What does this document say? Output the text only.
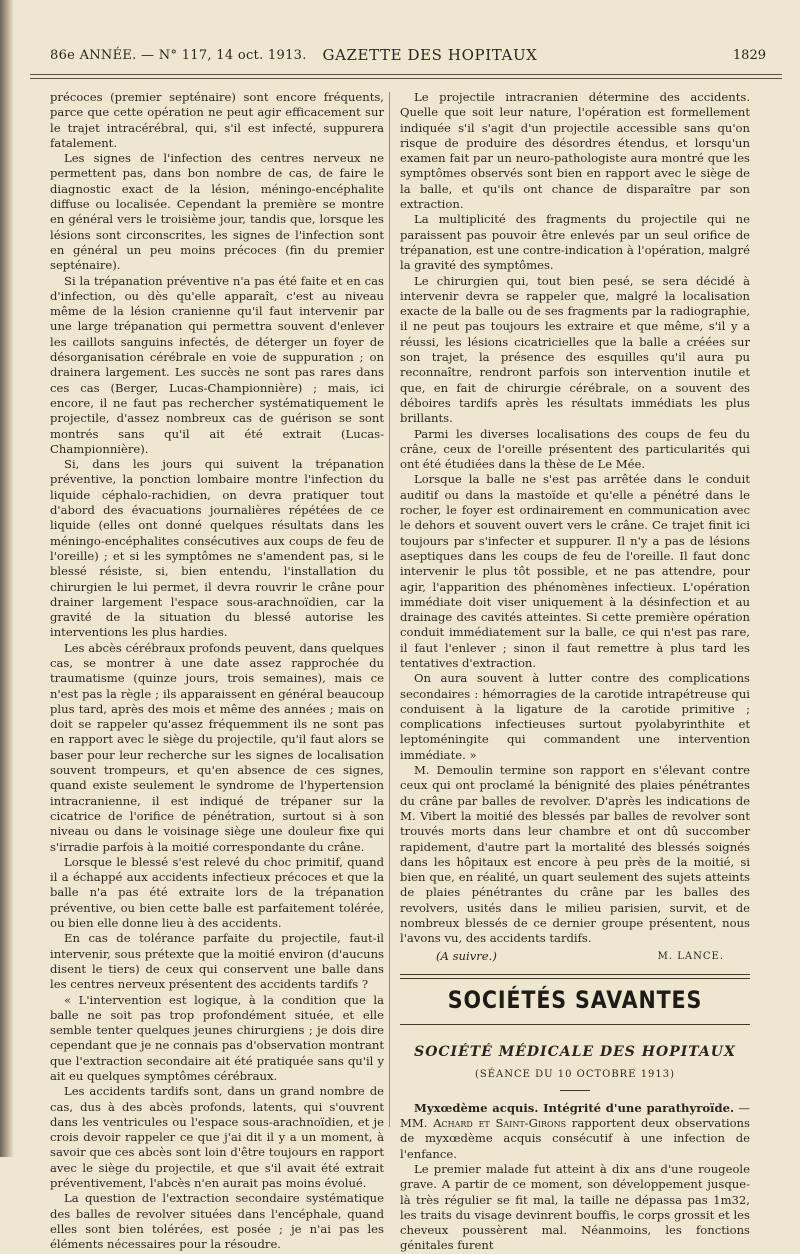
86e ANNÉE. — N° 117, 14 oct. 1913.	GAZETTE DES HOPITAUX	1829

précoces (premier septénaire) sont encore fréquents, parce que cette opération ne peut agir efficacement sur le trajet intracérébral, qui, s'il est infecté, suppurera fatalement.

Les signes de l'infection des centres nerveux ne permettent pas, dans bon nombre de cas, de faire le diagnostic exact de la lésion, méningo-encéphalite diffuse ou localisée. Cependant la première se montre en général vers le troisième jour, tandis que, lorsque les lésions sont circonscrites, les signes de l'infection sont en général un peu moins précoces (fin du premier septénaire).

Si la trépanation préventive n'a pas été faite et en cas d'infection, ou dès qu'elle apparaît, c'est au niveau même de la lésion cranienne qu'il faut intervenir par une large trépanation qui permettra souvent d'enlever les caillots sanguins infectés, de déterger un foyer de désorganisation cérébrale en voie de suppuration ; on drainera largement. Les succès ne sont pas rares dans ces cas (Berger, Lucas-Championnière) ; mais, ici encore, il ne faut pas rechercher systématiquement le projectile, d'assez nombreux cas de guérison se sont montrés sans qu'il ait été extrait (Lucas-Championnière).

Si, dans les jours qui suivent la trépanation préventive, la ponction lombaire montre l'infection du liquide céphalo-rachidien, on devra pratiquer tout d'abord des évacuations journalières répétées de ce liquide (elles ont donné quelques résultats dans les méningo-encéphalites consécutives aux coups de feu de l'oreille) ; et si les symptômes ne s'amendent pas, si le blessé résiste, si, bien entendu, l'installation du chirurgien le lui permet, il devra rouvrir le crâne pour drainer largement l'espace sous-arachnoïdien, car la gravité de la situation du blessé autorise les interventions les plus hardies.

Les abcès cérébraux profonds peuvent, dans quelques cas, se montrer à une date assez rapprochée du traumatisme (quinze jours, trois semaines), mais ce n'est pas la règle ; ils apparaissent en général beaucoup plus tard, après des mois et même des années ; mais on doit se rappeler qu'assez fréquemment ils ne sont pas en rapport avec le siège du projectile, qu'il faut alors se baser pour leur recherche sur les signes de localisation souvent trompeurs, et qu'en absence de ces signes, quand existe seulement le syndrome de l'hypertension intracranienne, il est indiqué de trépaner sur la cicatrice de l'orifice de pénétration, surtout si à son niveau ou dans le voisinage siège une douleur fixe qui s'irradie parfois à la moitié correspondante du crâne.

Lorsque le blessé s'est relevé du choc primitif, quand il a échappé aux accidents infectieux précoces et que la balle n'a pas été extraite lors de la trépanation préventive, ou bien cette balle est parfaitement tolérée, ou bien elle donne lieu à des accidents.

En cas de tolérance parfaite du projectile, faut-il intervenir, sous prétexte que la moitié environ (d'aucuns disent le tiers) de ceux qui conservent une balle dans les centres nerveux présentent des accidents tardifs ?

« L'intervention est logique, à la condition que la balle ne soit pas trop profondément située, et elle semble tenter quelques jeunes chirurgiens ; je dois dire cependant que je ne connais pas d'observation montrant que l'extraction secondaire ait été pratiquée sans qu'il y ait eu quelques symptômes cérébraux.

Les accidents tardifs sont, dans un grand nombre de cas, dus à des abcès profonds, latents, qui s'ouvrent dans les ventricules ou l'espace sous-arachnoïdien, et je crois devoir rappeler ce que j'ai dit il y a un moment, à savoir que ces abcès sont loin d'être toujours en rapport avec le siège du projectile, et que s'il avait été extrait préventivement, l'abcès n'en aurait pas moins évolué.

La question de l'extraction secondaire systématique des balles de revolver situées dans l'encéphale, quand elles sont bien tolérées, est posée ; je n'ai pas les éléments nécessaires pour la résoudre.

Le projectile intracranien détermine des accidents. Quelle que soit leur nature, l'opération est formellement indiquée s'il s'agit d'un projectile accessible sans qu'on risque de produire des désordres étendus, et lorsqu'un examen fait par un neuro-pathologiste aura montré que les symptômes observés sont bien en rapport avec le siège de la balle, et qu'ils ont chance de disparaître par son extraction.

La multiplicité des fragments du projectile qui ne paraissent pas pouvoir être enlevés par un seul orifice de trépanation, est une contre-indication à l'opération, malgré la gravité des symptômes.

Le chirurgien qui, tout bien pesé, se sera décidé à intervenir devra se rappeler que, malgré la localisation exacte de la balle ou de ses fragments par la radiographie, il ne peut pas toujours les extraire et que même, s'il y a réussi, les lésions cicatricielles que la balle a créées sur son trajet, la présence des esquilles qu'il aura pu reconnaître, rendront parfois son intervention inutile et que, en fait de chirurgie cérébrale, on a souvent des déboires tardifs après les résultats immédiats les plus brillants.

Parmi les diverses localisations des coups de feu du crâne, ceux de l'oreille présentent des particularités qui ont été étudiées dans la thèse de Le Mée.

Lorsque la balle ne s'est pas arrêtée dans le conduit auditif ou dans la mastoïde et qu'elle a pénétré dans le rocher, le foyer est ordinairement en communication avec le dehors et souvent ouvert vers le crâne. Ce trajet finit ici toujours par s'infecter et suppurer. Il n'y a pas de lésions aseptiques dans les coups de feu de l'oreille. Il faut donc intervenir le plus tôt possible, et ne pas attendre, pour agir, l'apparition des phénomènes infectieux. L'opération immédiate doit viser uniquement à la désinfection et au drainage des cavités atteintes. Si cette première opération conduit immédiatement sur la balle, ce qui n'est pas rare, il faut l'enlever ; sinon il faut remettre à plus tard les tentatives d'extraction.

On aura souvent à lutter contre des complications secondaires : hémorragies de la carotide intrapétreuse qui conduisent à la ligature de la carotide primitive ; complications infectieuses surtout pyolabyrinthite et leptoméningite qui commandent une intervention immédiate. »

M. Demoulin termine son rapport en s'élevant contre ceux qui ont proclamé la bénignité des plaies pénétrantes du crâne par balles de revolver. D'après les indications de M. Vibert la moitié des blessés par balles de revolver sont trouvés morts dans leur chambre et ont dû succomber rapidement, d'autre part la mortalité des blessés soignés dans les hôpitaux est encore à peu près de la moitié, si bien que, en réalité, un quart seulement des sujets atteints de plaies pénétrantes du crâne par les balles des revolvers, usités dans le milieu parisien, survit, et de nombreux blessés de ce dernier groupe présentent, nous l'avons vu, des accidents tardifs.

(A suivre.)	M. LANCE.
SOCIÉTÉS SAVANTES
SOCIÉTÉ MÉDICALE DES HOPITAUX
(SÉANCE DU 10 OCTOBRE 1913)

Myxœdème acquis. Intégrité d'une parathyroïde. — MM. Achard et Saint-Girons rapportent deux observations de myxœdème acquis consécutif à une infection de l'enfance.

Le premier malade fut atteint à dix ans d'une rougeole grave. A partir de ce moment, son développement jusque-là très régulier se fit mal, la taille ne dépassa pas 1m32, les traits du visage devinrent bouffis, le corps grossit et les cheveux poussèrent mal. Néanmoins, les fonctions génitales furent
